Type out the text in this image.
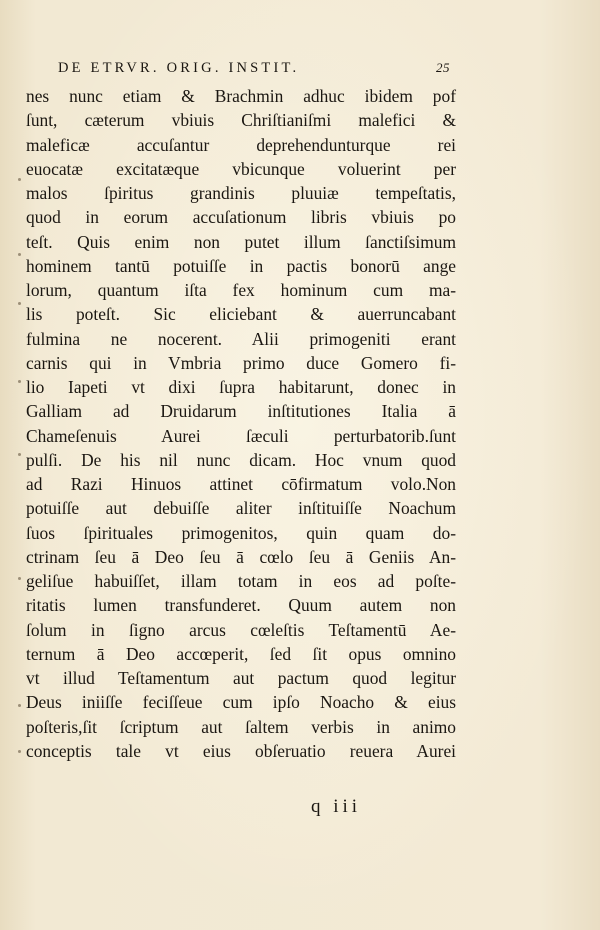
DE ETRVR. ORIG. INSTIT.	25
nes nunc etiam & Brachmin adhuc ibidem pof
ſunt, cæterum vbiuis Chriſtianiſmi malefici &
maleficæ accuſantur deprehendunturque rei
euocatæ excitatæque vbicunque voluerint per
malos ſpiritus grandinis pluuiæ tempeſtatis,
quod in eorum accuſationum libris vbiuis po
teſt. Quis enim non putet illum ſanctiſsimum
hominem tantū potuiſſe in pactis bonorū ange
lorum, quantum iſta fex hominum cum ma-
lis poteſt. Sic eliciebant & auerruncabant
fulmina ne nocerent. Alii primogeniti erant
carnis qui in Vmbria primo duce Gomero fi-
lio Iapeti vt dixi ſupra habitarunt, donec in
Galliam ad Druidarum inſtitutiones Italia ā
Chameſenuis Aurei ſæculi perturbatorib.ſunt
pulſi. De his nil nunc dicam. Hoc vnum quod
ad Razi Hinuos attinet cōfirmatum volo.Non
potuiſſe aut debuiſſe aliter inſtituiſſe Noachum
ſuos ſpirituales primogenitos, quin quam do-
ctrinam ſeu ā Deo ſeu ā cœlo ſeu ā Geniis An-
geliſue habuiſſet, illam totam in eos ad poſte-
ritatis lumen transfunderet. Quum autem non
ſolum in ſigno arcus cœleſtis Teſtamentū Ae-
ternum ā Deo accœperit, ſed ſit opus omnino
vt illud Teſtamentum aut pactum quod legitur
Deus iniiſſe feciſſeue cum ipſo Noacho & eius
poſteris,ſit ſcriptum aut ſaltem verbis in animo
conceptis tale vt eius obſeruatio reuera Aurei
q iii
